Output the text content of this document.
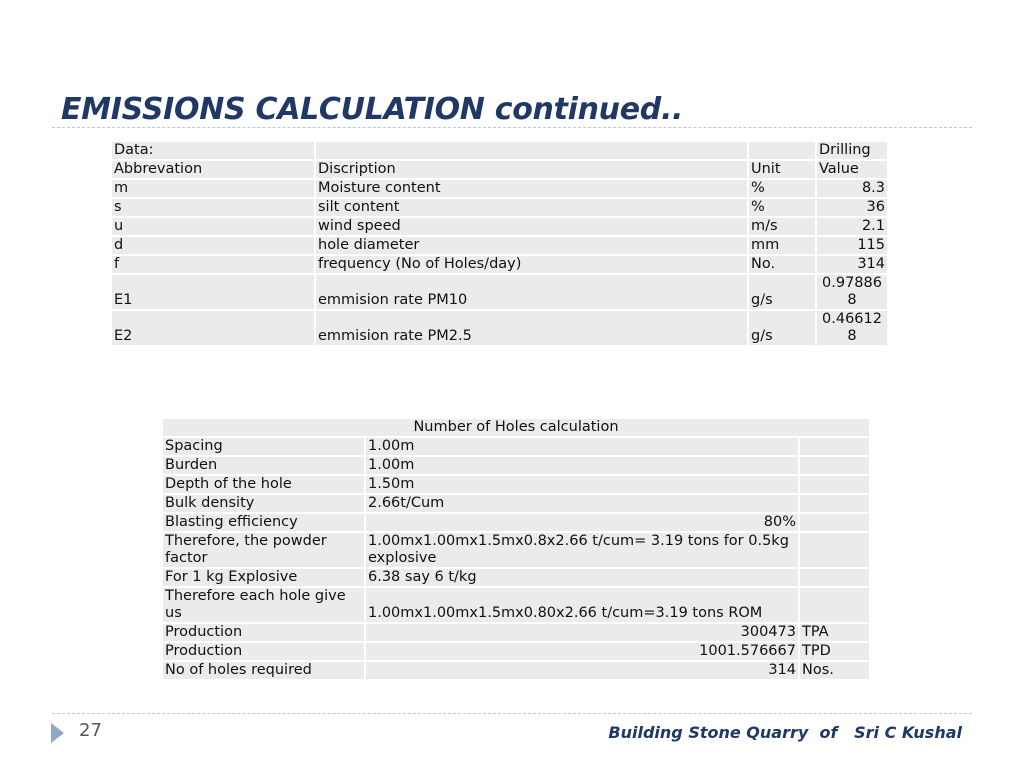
EMISSIONS CALCULATION continued..
Data:			Drilling
Abbrevation	Discription	Unit	Value
m	Moisture content	%	8.3
s	silt content	%	36
u	wind speed	m/s	2.1
d	hole diameter	mm	115
f	frequency (No of Holes/day)	No.	314
E1	emmision rate PM10	g/s	0.978868
E2	emmision rate PM2.5	g/s	0.466128
Number of Holes calculation		
Spacing	1.00m	
Burden	1.00m	
Depth of the hole	1.50m	
Bulk density	2.66t/Cum	
Blasting efficiency	80%	

Therefore, the powder factor	1.00mx1.00mx1.5mx0.8x2.66 t/cum= 3.19 tons for 0.5kg explosive	

For 1 kg Explosive	6.38 say 6 t/kg	

Therefore each hole give us	1.00mx1.00mx1.5mx0.80x2.66 t/cum=3.19 tons ROM	
Production	300473	TPA
Production	1001.576667	TPD
No of holes required	314	Nos.
27	Building Stone Quarry  of   Sri C Kushal
